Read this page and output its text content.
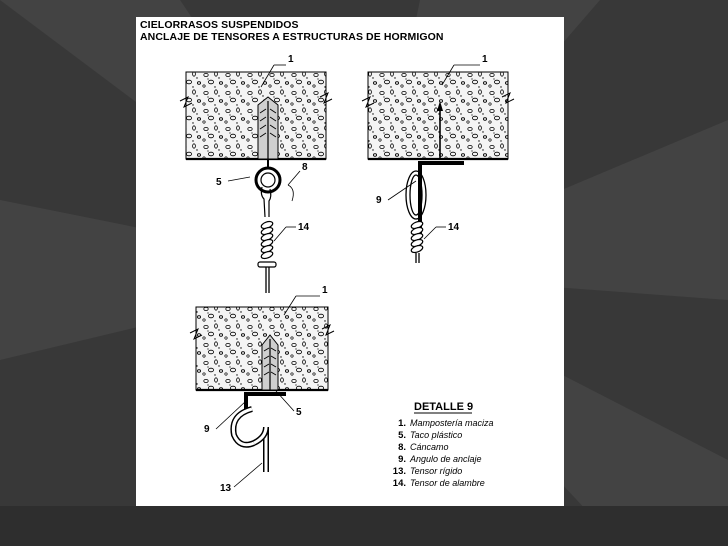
CIELORRASOS SUSPENDIDOS
ANCLAJE DE TENSORES A ESTRUCTURAS DE HORMIGON
1
5
8
14
1
9
14
1
9
5
13
DETALLE 9
1. Mampostería maciza
5. Taco plástico
8. Cáncamo
9. Angulo de anclaje
13. Tensor rígido
14. Tensor de alambre
